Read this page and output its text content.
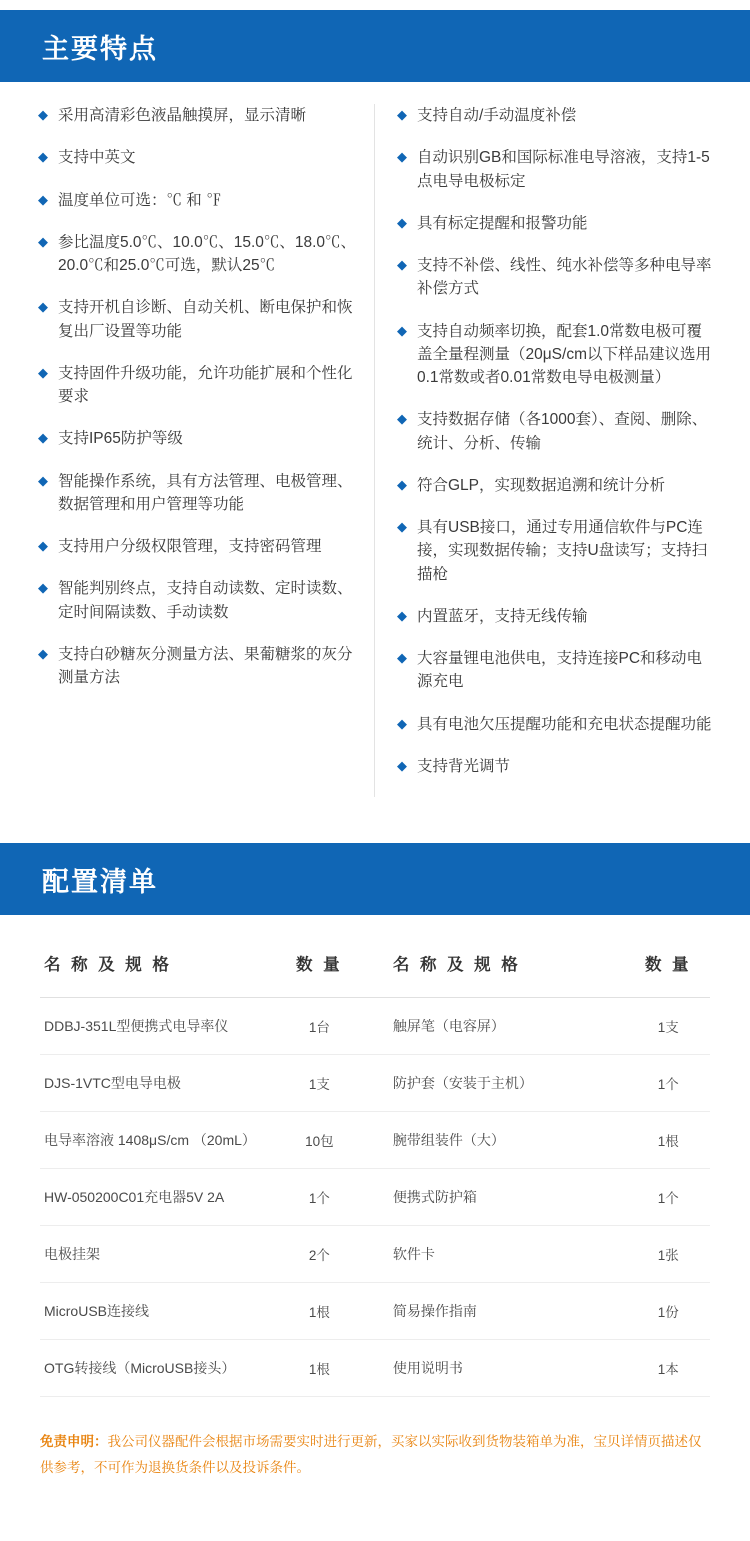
主要特点
◆ 采用高清彩色液晶触摸屏，显示清晰
◆ 支持中英文
◆ 温度单位可选：℃ 和 ℉
◆ 参比温度5.0℃、10.0℃、15.0℃、18.0℃、20.0℃和25.0℃可选，默认25℃
◆ 支持开机自诊断、自动关机、断电保护和恢复出厂设置等功能
◆ 支持固件升级功能，允许功能扩展和个性化要求
◆ 支持IP65防护等级
◆ 智能操作系统，具有方法管理、电极管理、数据管理和用户管理等功能
◆ 支持用户分级权限管理，支持密码管理
◆ 智能判别终点，支持自动读数、定时读数、定时间隔读数、手动读数
◆ 支持白砂糖灰分测量方法、果葡糖浆的灰分测量方法
◆ 支持自动/手动温度补偿
◆ 自动识别GB和国际标准电导溶液，支持1-5点电导电极标定
◆ 具有标定提醒和报警功能
◆ 支持不补偿、线性、纯水补偿等多种电导率补偿方式
◆ 支持自动频率切换，配套1.0常数电极可覆盖全量程测量（20μS/cm以下样品建议选用0.1常数或者0.01常数电导电极测量）
◆ 支持数据存储（各1000套）、查阅、删除、统计、分析、传输
◆ 符合GLP，实现数据追溯和统计分析
◆ 具有USB接口，通过专用通信软件与PC连接，实现数据传输；支持U盘读写；支持扫描枪
◆ 内置蓝牙，支持无线传输
◆ 大容量锂电池供电，支持连接PC和移动电源充电
◆ 具有电池欠压提醒功能和充电状态提醒功能
◆ 支持背光调节
配置清单
名 称 及 规 格	数 量		名 称 及 规 格	数 量
DDBJ-351L型便携式电导率仪	1台		触屏笔（电容屏）	1支
DJS-1VTC型电导电极	1支		防护套（安装于主机）	1个
电导率溶液 1408μS/cm （20mL）	10包		腕带组装件（大）	1根
HW-050200C01充电器5V 2A	1个		便携式防护箱	1个
电极挂架	2个		软件卡	1张
MicroUSB连接线	1根		简易操作指南	1份
OTG转接线（MicroUSB接头）	1根		使用说明书	1本
免责申明：我公司仪器配件会根据市场需要实时进行更新，买家以实际收到货物装箱单为准，宝贝详情页描述仅供参考，不可作为退换货条件以及投诉条件。
